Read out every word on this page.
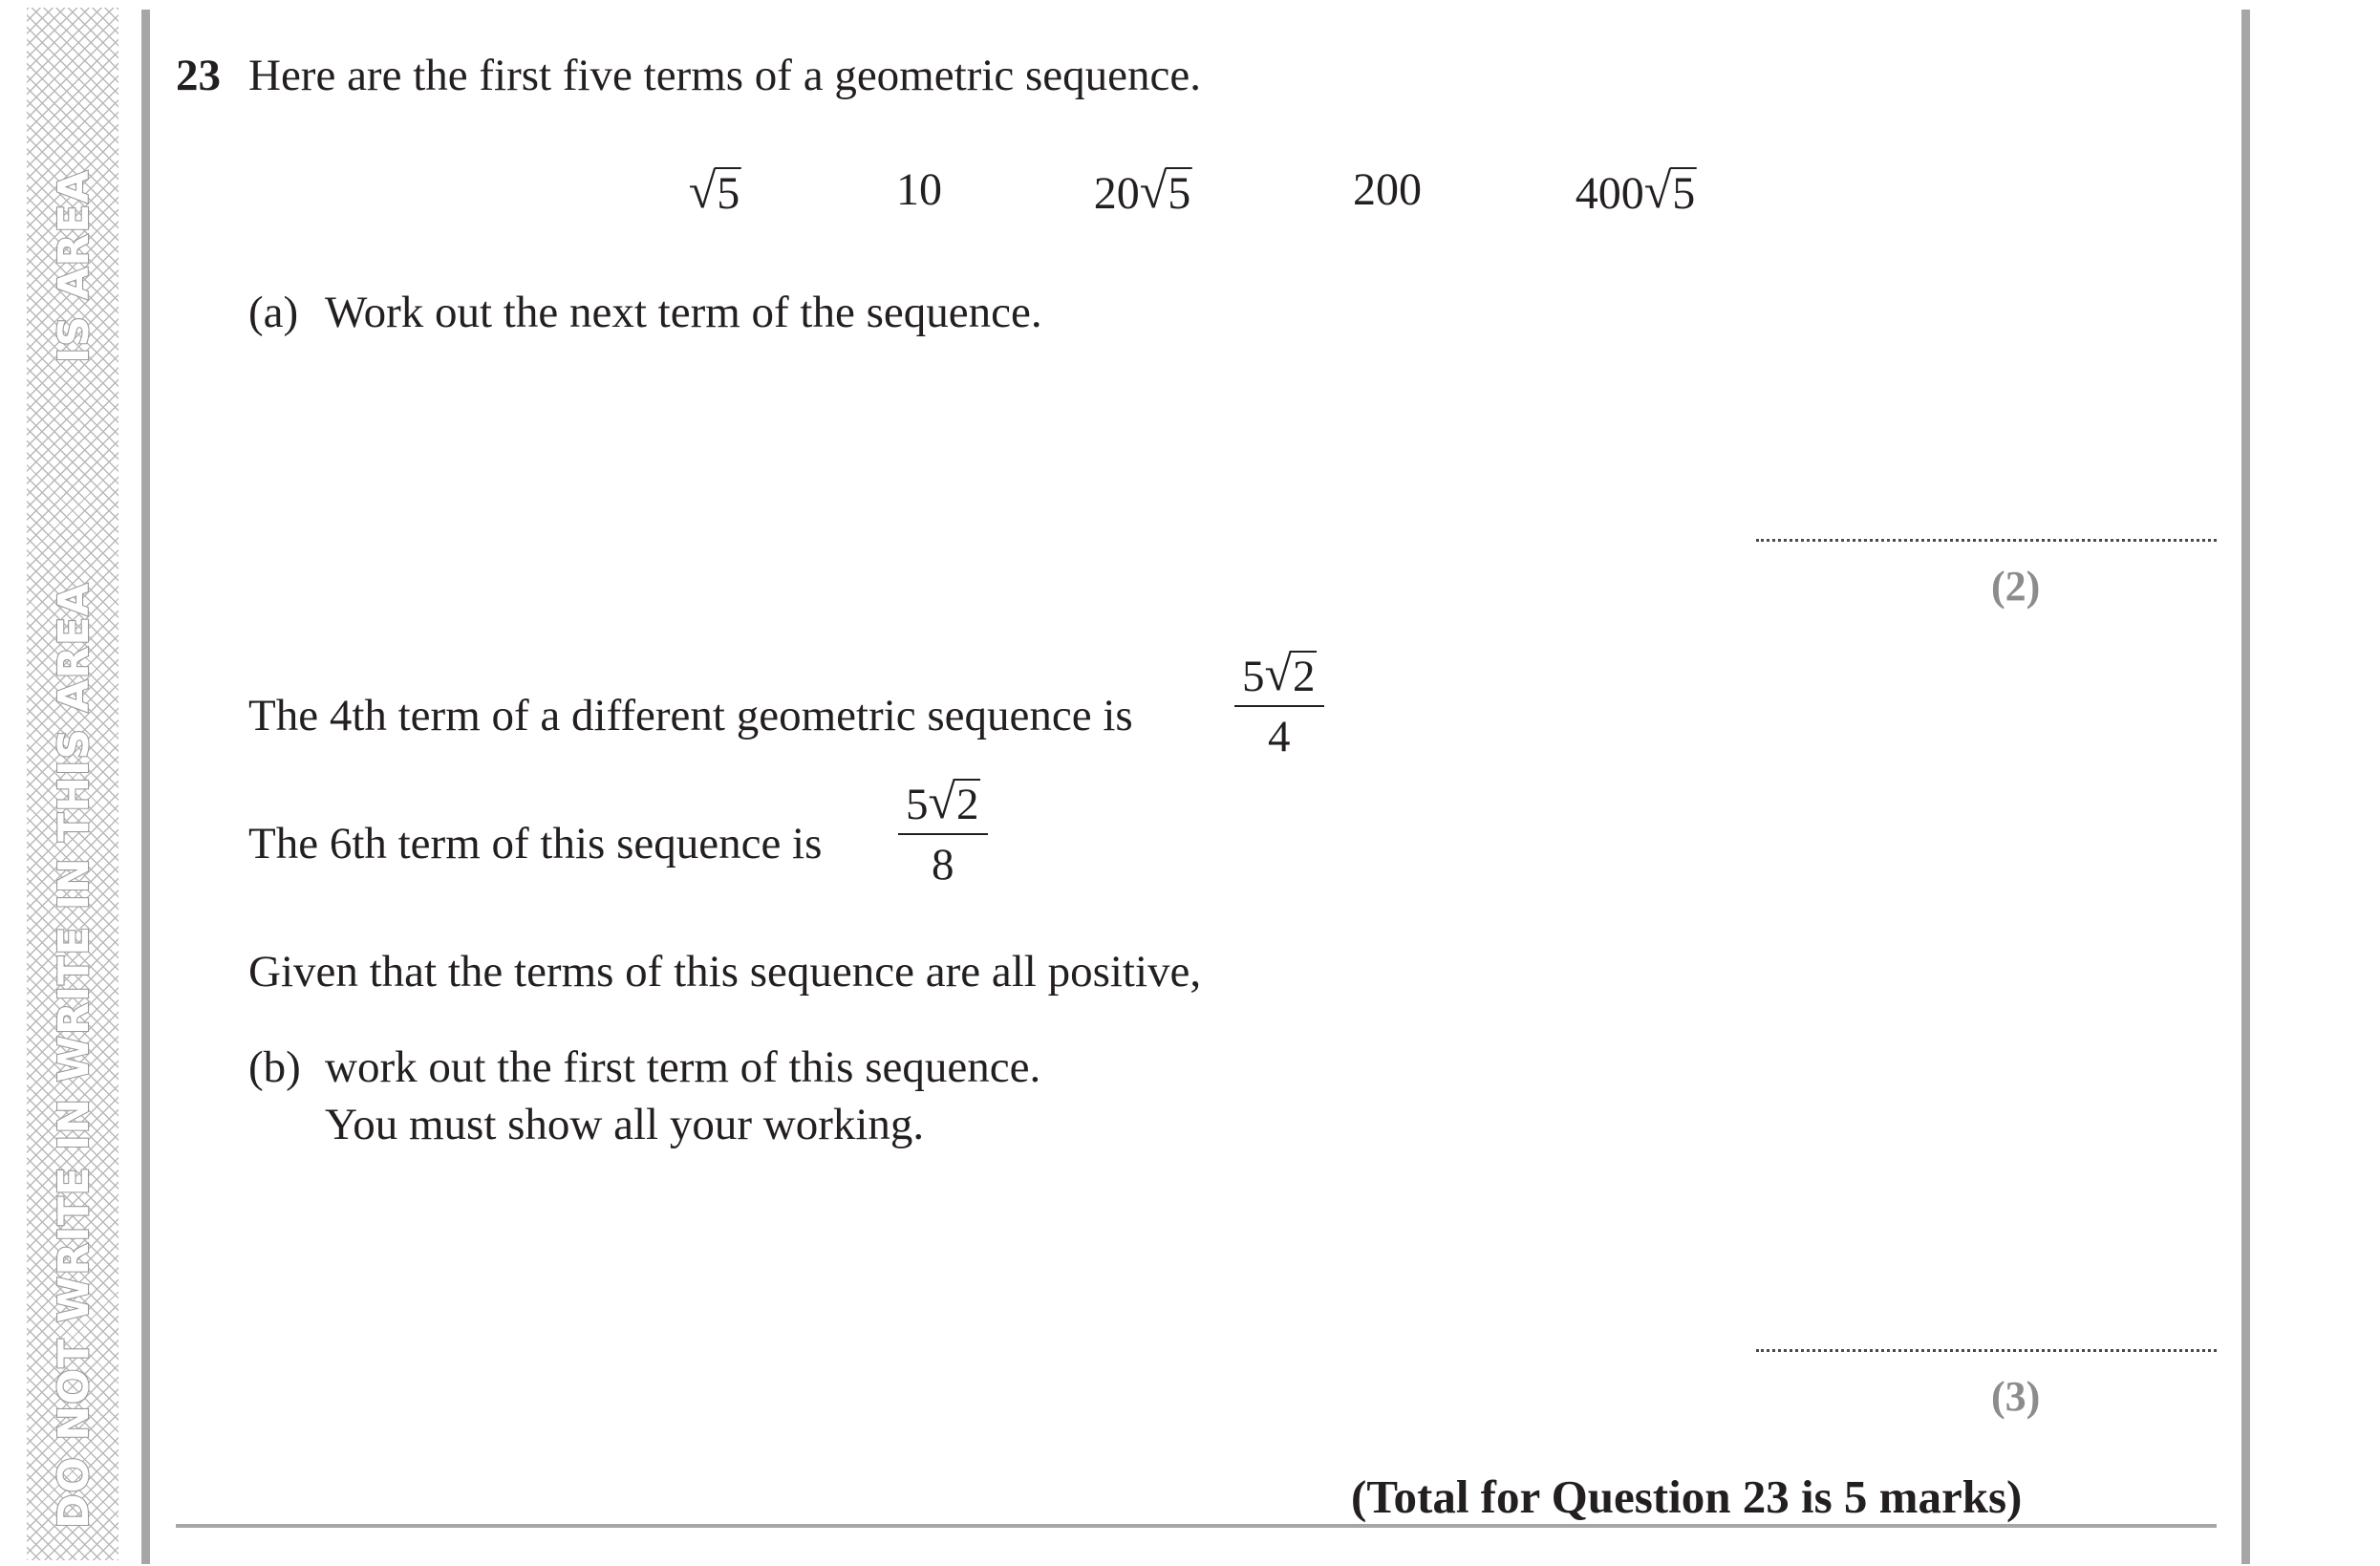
IS AREA
DO NOT WRITE IN WRITE IN THIS AREA
23 Here are the first five terms of a geometric sequence.
√ 5	10	20 √ 5	200	400 √ 5
(a) Work out the next term of the sequence.
(2)
The 4th term of a different geometric sequence is
5 √ 2
4
The 6th term of this sequence is
5 √ 2
8
Given that the terms of this sequence are all positive,
(b) work out the first term of this sequence.
You must show all your working.
(3)
(Total for Question 23 is 5 marks)
